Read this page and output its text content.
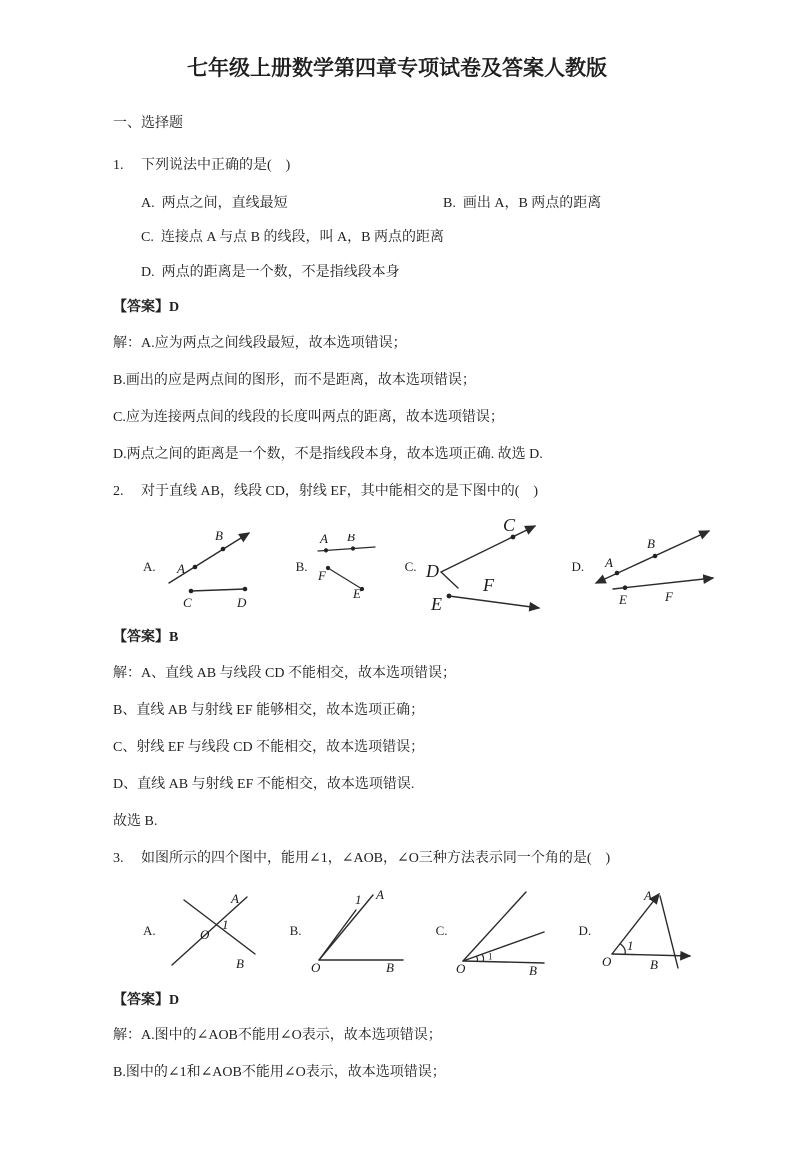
七年级上册数学第四章专项试卷及答案人教版

一、选择题

1.	下列说法中正确的是(　)

A.  两点之间，直线最短	B.  画出 A，B 两点的距离

C.  连接点 A 与点 B 的线段，叫 A，B 两点的距离

D.  两点的距离是一个数，不是指线段本身

【答案】D

解：A.应为两点之间线段最短，故本选项错误；

B.画出的应是两点间的图形，而不是距离，故本选项错误；

C.应为连接两点间的线段的长度叫两点的距离，故本选项错误；

D.两点之间的距离是一个数，不是指线段本身，故本选项正确. 故选 D.

2.	对于直线 AB，线段 CD，射线 EF，其中能相交的是下图中的(　)

A. A
B
C	D
B.
A B
F
E
C.
C
D
E
F
D. A
B
E	F

【答案】B

解：A、直线 AB 与线段 CD 不能相交，故本选项错误；

B、直线 AB 与射线 EF 能够相交，故本选项正确；

C、射线 EF 与线段 CD 不能相交，故本选项错误；

D、直线 AB 与射线 EF 不能相交，故本选项错误.

故选 B.

3.	如图所示的四个图中，能用∠1，∠AOB，∠O三种方法表示同一个角的是(　)

A.
A
B
O
1	B.
1 A
O	B
C.
1
O	B
D.
1
A
O	B

【答案】D

解：A.图中的∠AOB不能用∠O表示，故本选项错误；

B.图中的∠1和∠AOB不能用∠O表示，故本选项错误；
